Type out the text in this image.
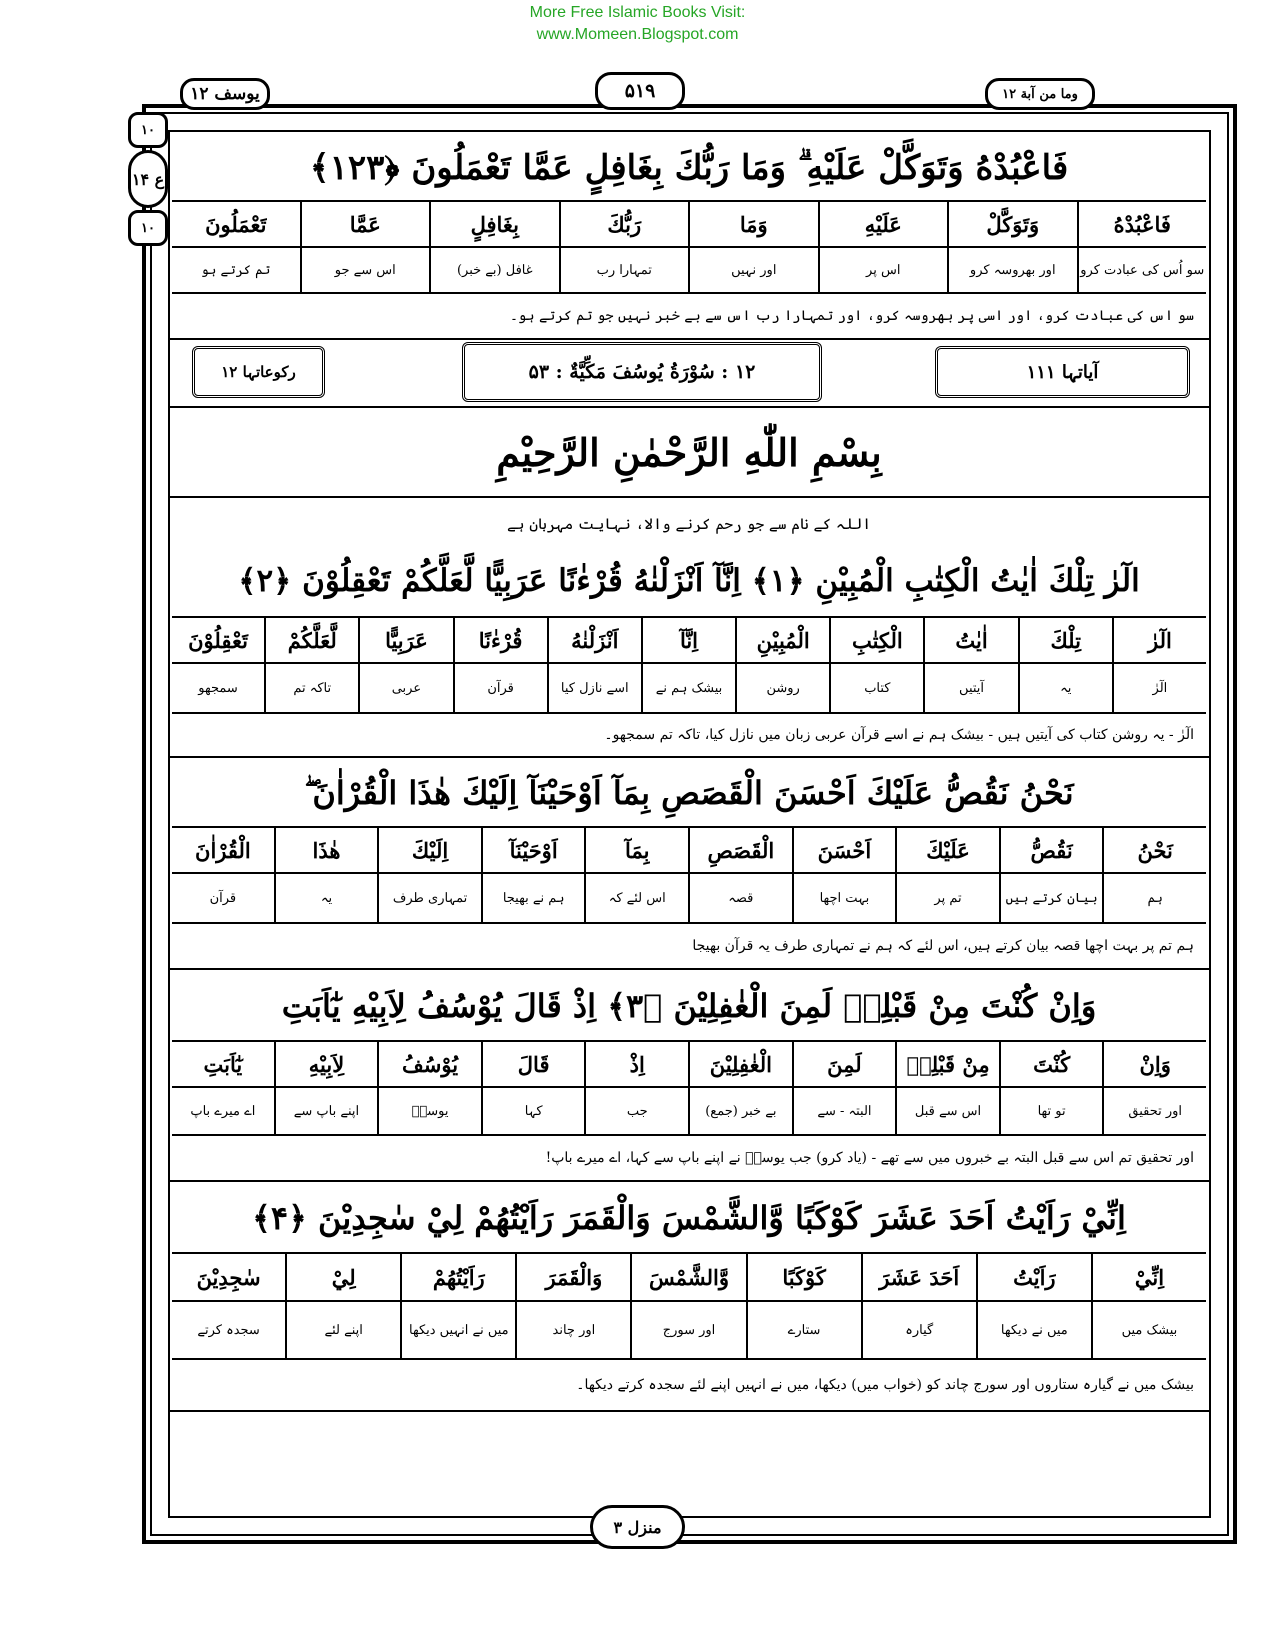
More Free Islamic Books Visit:
www.Momeen.Blogspot.com
یوسف ۱۲	۵۱۹	وما من آبة ۱۲
۱۰
ع ۱۴
۱۰
فَاعْبُدْهُ وَتَوَكَّلْ عَلَيْهِ ۗ وَمَا رَبُّكَ بِغَافِلٍ عَمَّا تَعْمَلُونَ ﴿۱۲۳﴾
فَاعْبُدْهُ
وَتَوَكَّلْ
عَلَيْهِ
وَمَا
رَبُّكَ
بِغَافِلٍ
عَمَّا
تَعْمَلُونَ
سو اُس کی عبادت کرو
اور بھروسہ کرو
اس پر
اور نہیں
تمہارا رب
غافل (بے خبر)
اس سے جو
تم کرتے ہو
سو اس کی عبادت کرو، اور اسی پر بھروسہ کرو، اور تمہارا رب اس سے بے خبر نہیں جو تم کرتے ہو۔
آیاتہا ۱۱۱
۱۲ : سُوْرَةُ يُوسُفَ مَكِّيَّةٌ : ۵۳
رکوعاتہا ۱۲
بِسْمِ اللّٰهِ الرَّحْمٰنِ الرَّحِيْمِ
اللہ کے نام سے جو رحم کرنے والا، نہایت مہربان ہے
الٓرٰ تِلْكَ اٰيٰتُ الْكِتٰبِ الْمُبِيْنِ ﴿۱﴾ اِنَّآ اَنْزَلْنٰهُ قُرْءٰنًا عَرَبِيًّا لَّعَلَّكُمْ تَعْقِلُوْنَ ﴿۲﴾
الٓرٰ
تِلْكَ
اٰيٰتُ
الْكِتٰبِ
الْمُبِيْنِ
اِنَّآ
اَنْزَلْنٰهُ
قُرْءٰنًا
عَرَبِيًّا
لَّعَلَّكُمْ
تَعْقِلُوْنَ
الٓرٰ
یہ
آیتیں
کتاب
روشن
بیشک ہم نے
اسے نازل کیا
قرآن
عربی
تاکہ تم
سمجھو
الٓرٰ - یہ روشن کتاب کی آیتیں ہیں - بیشک ہم نے اسے قرآن عربی زبان میں نازل کیا، تاکہ تم سمجھو۔
نَحْنُ نَقُصُّ عَلَيْكَ اَحْسَنَ الْقَصَصِ بِمَآ اَوْحَيْنَآ اِلَيْكَ هٰذَا الْقُرْاٰنَ ۖ
نَحْنُ
نَقُصُّ
عَلَيْكَ
اَحْسَنَ
الْقَصَصِ
بِمَآ
اَوْحَيْنَآ
اِلَيْكَ
هٰذَا
الْقُرْاٰنَ
ہم
بیان کرتے ہیں
تم پر
بہت اچھا
قصہ
اس لئے کہ
ہم نے بھیجا
تمہاری طرف
یہ
قرآن
ہم تم پر بہت اچھا قصہ بیان کرتے ہیں، اس لئے کہ ہم نے تمہاری طرف یہ قرآن بھیجا
وَاِنْ كُنْتَ مِنْ قَبْلِهٖ لَمِنَ الْغٰفِلِيْنَ ﴿۳﴾ اِذْ قَالَ يُوْسُفُ لِاَبِيْهِ يٰٓاَبَتِ
وَاِنْ
كُنْتَ
مِنْ قَبْلِهٖ
لَمِنَ
الْغٰفِلِيْنَ
اِذْ
قَالَ
يُوْسُفُ
لِاَبِيْهِ
يٰٓاَبَتِ
اور تحقیق
تو تھا
اس سے قبل
البتہ - سے
بے خبر (جمع)
جب
کہا
یوسفؑ
اپنے باپ سے
اے میرے باپ
اور تحقیق تم اس سے قبل البتہ بے خبروں میں سے تھے - (یاد کرو) جب یوسفؑ نے اپنے باپ سے کہا، اے میرے باپ!
اِنِّيْ رَاَيْتُ اَحَدَ عَشَرَ كَوْكَبًا وَّالشَّمْسَ وَالْقَمَرَ رَاَيْتُهُمْ لِيْ سٰجِدِيْنَ ﴿۴﴾
اِنِّيْ
رَاَيْتُ
اَحَدَ عَشَرَ
كَوْكَبًا
وَّالشَّمْسَ
وَالْقَمَرَ
رَاَيْتُهُمْ
لِيْ
سٰجِدِيْنَ
بیشک میں
میں نے دیکھا
گیارہ
ستارے
اور سورج
اور چاند
میں نے انہیں دیکھا
اپنے لئے
سجدہ کرتے
بیشک میں نے گیارہ ستاروں اور سورج چاند کو (خواب میں) دیکھا، میں نے انہیں اپنے لئے سجدہ کرتے دیکھا۔
منزل ۳
